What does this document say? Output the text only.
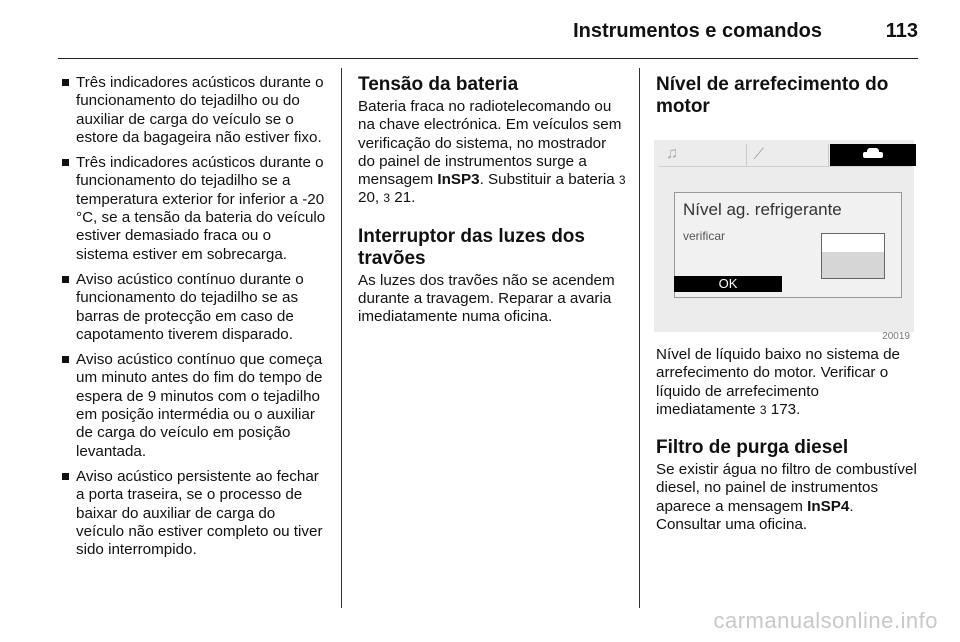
Instrumentos e comandos	113
Três indicadores acústicos durante o funcionamento do tejadilho ou do auxiliar de carga do veículo se o estore da bagageira não estiver fixo.
Três indicadores acústicos durante o funcionamento do tejadilho se a temperatura exterior for inferior a -20 °C, se a tensão da bateria do veículo estiver demasiado fraca ou o sistema estiver em sobrecarga.
Aviso acústico contínuo durante o funcionamento do tejadilho se as barras de protecção em caso de capotamento tiverem disparado.
Aviso acústico contínuo que começa um minuto antes do fim do tempo de espera de 9 minutos com o tejadilho em posição intermédia ou o auxiliar de carga do veículo em posição levantada.
Aviso acústico persistente ao fechar a porta traseira, se o processo de baixar do auxiliar de carga do veículo não estiver completo ou tiver sido interrompido.
Tensão da bateria

Bateria fraca no radiotelecomando ou na chave electrónica. Em veículos sem verificação do sistema, no mostrador do painel de instrumentos surge a mensagem InSP3. Substituir a bateria 3 20, 3 21.

Interruptor das luzes dos travões

As luzes dos travões não se acendem durante a travagem. Reparar a avaria imediatamente numa oficina.

Nível de arrefecimento do motor
♫	⁄
Nível ag. refrigerante
verificar
OK
20019

Nível de líquido baixo no sistema de arrefecimento do motor. Verificar o líquido de arrefecimento imediatamente 3 173.

Filtro de purga diesel

Se existir água no filtro de combustível diesel, no painel de instrumentos aparece a mensagem InSP4. Consultar uma oficina.

carmanualsonline.info
